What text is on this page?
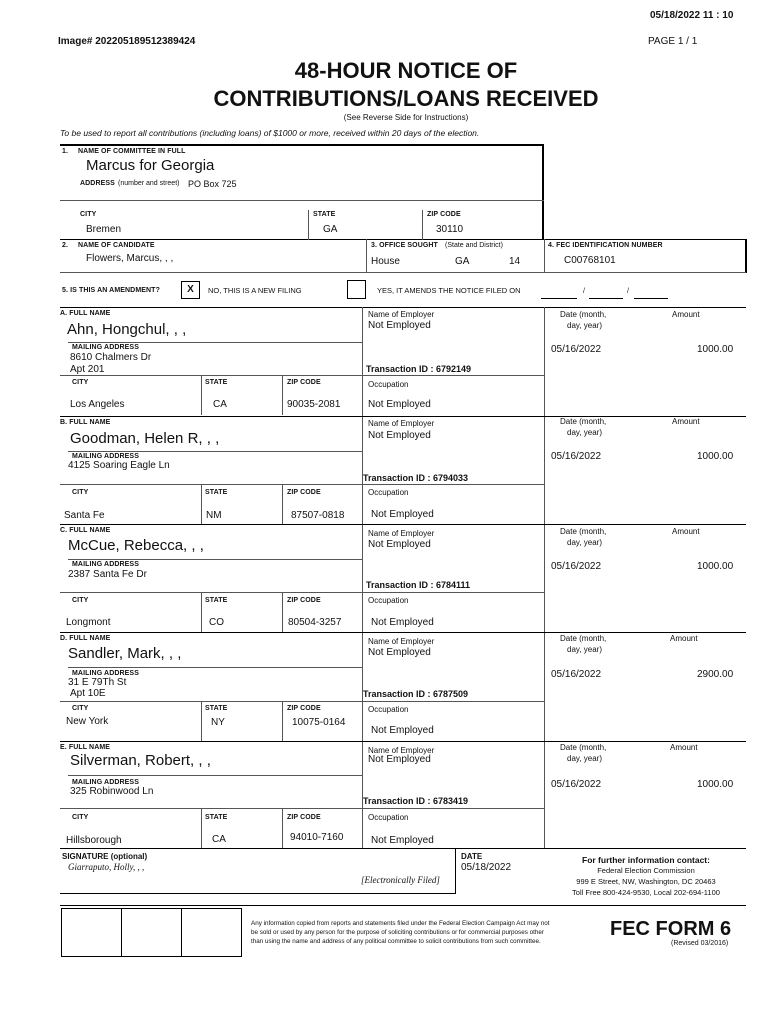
05/18/2022 11 : 10
Image# 202205189512389424	PAGE 1 / 1
48-HOUR NOTICE OF
CONTRIBUTIONS/LOANS RECEIVED
(See Reverse Side for Instructions)
To be used to report all contributions (including loans) of $1000 or more, received within 20 days of the election.
1. NAME OF COMMITTEE IN FULL
Marcus for Georgia
ADDRESS (number and street) PO Box 725
CITY
Bremen
STATE
GA
ZIP CODE
30110
2. NAME OF CANDIDATE
Flowers, Marcus, , ,
3. OFFICE SOUGHT (State and District)
House	GA	14
4. FEC IDENTIFICATION NUMBER
C00768101
5. IS THIS AN AMENDMENT?	X	NO, THIS IS A NEW FILING	YES, IT AMENDS THE NOTICE FILED ON	/	/
A. FULL NAME
Ahn, Hongchul, , ,
MAILING ADDRESS
8610 Chalmers Dr
Apt 201
CITY	STATE	ZIP CODE
Los Angeles	CA	90035-2081
Name of Employer
Not Employed
Transaction ID : 6792149
Occupation
Not Employed
Date (month,
day, year)
Amount
05/16/2022	1000.00
B. FULL NAME
Goodman, Helen R, , ,
MAILING ADDRESS
4125 Soaring Eagle Ln
CITY	STATE	ZIP CODE
Santa Fe	NM	87507-0818
Name of Employer
Not Employed
Transaction ID : 6794033
Occupation
Not Employed
Date (month,
day, year)
Amount
05/16/2022	1000.00
C. FULL NAME
McCue, Rebecca, , ,
MAILING ADDRESS
2387 Santa Fe Dr
CITY	STATE	ZIP CODE
Longmont	CO	80504-3257
Name of Employer
Not Employed
Transaction ID : 6784111
Occupation
Not Employed
Date (month,
day, year)
Amount
05/16/2022	1000.00
D. FULL NAME
Sandler, Mark, , ,
MAILING ADDRESS
31 E 79Th St
Apt 10E
CITY	STATE	ZIP CODE
New York	NY	10075-0164
Name of Employer
Not Employed
Transaction ID : 6787509
Occupation
Not Employed
Date (month,
day, year)
Amount
05/16/2022	2900.00
E. FULL NAME
Silverman, Robert, , ,
MAILING ADDRESS
325 Robinwood Ln
CITY	STATE	ZIP CODE
Hillsborough	CA	94010-7160
Name of Employer
Not Employed
Transaction ID : 6783419
Occupation
Not Employed
Date (month,
day, year)
Amount
05/16/2022	1000.00
SIGNATURE (optional)
Giarraputo, Holly, , ,
[Electronically Filed]
DATE
05/18/2022
For further information contact:
Federal Election Commission
999 E Street, NW, Washington, DC 20463
Toll Free 800-424-9530, Local 202-694-1100
Any information copied from reports and statements filed under the Federal Election Campaign Act may not
be sold or used by any person for the purpose of soliciting contributions or for commercial purposes other
than using the name and address of any political committee to solicit contributions from such committee.
FEC FORM 6
(Revised 03/2016)
